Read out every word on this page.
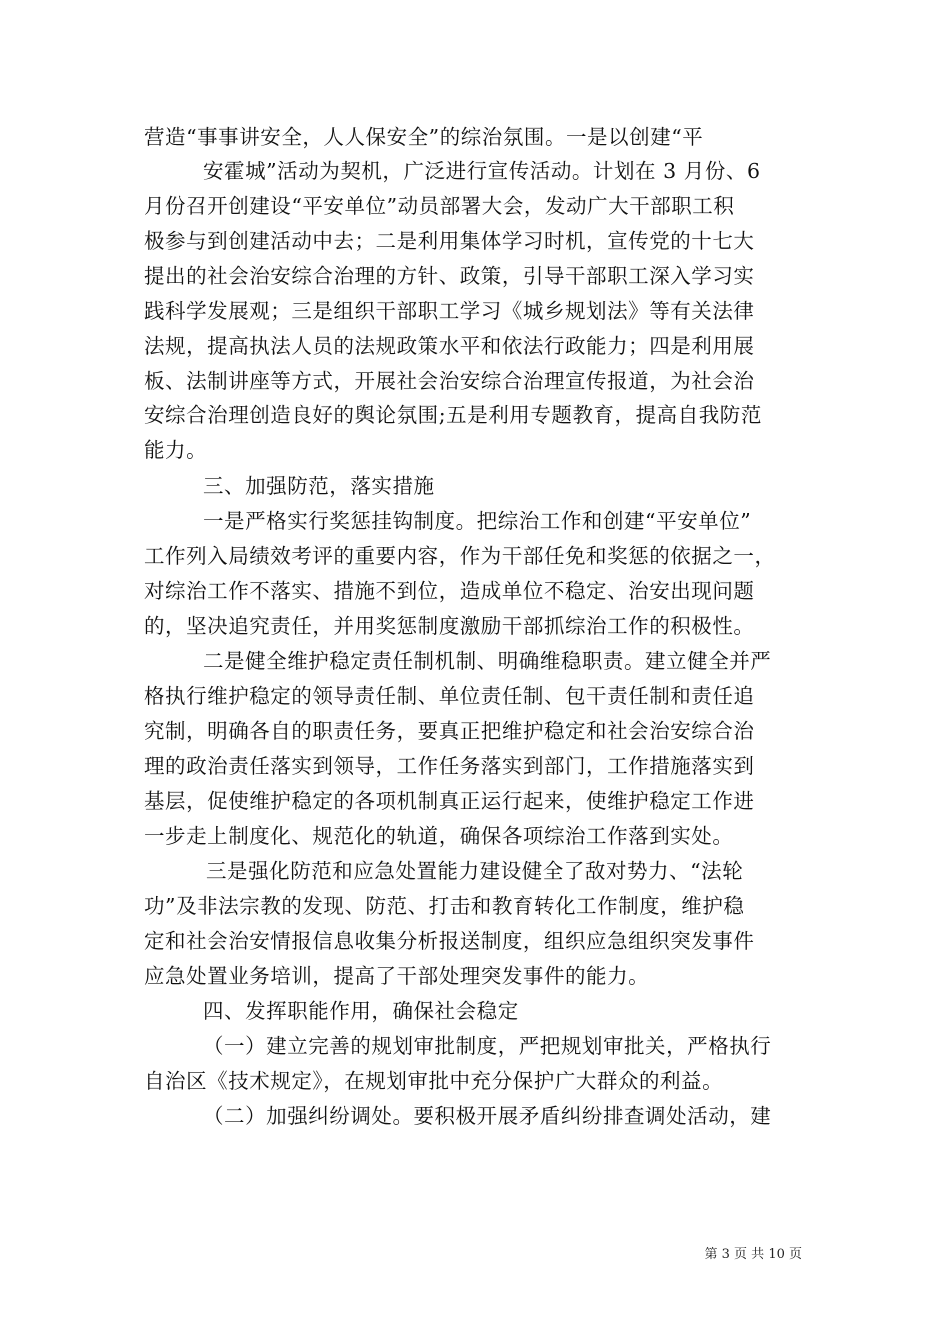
营造“事事讲安全，人人保安全”的综治氛围。一是以创建“平
安霍城”活动为契机，广泛进行宣传活动。计划在 3 月份、6
月份召开创建设“平安单位”动员部署大会，发动广大干部职工积
极参与到创建活动中去；二是利用集体学习时机，宣传党的十七大
提出的社会治安综合治理的方针、政策，引导干部职工深入学习实
践科学发展观；三是组织干部职工学习《城乡规划法》等有关法律
法规，提高执法人员的法规政策水平和依法行政能力；四是利用展
板、法制讲座等方式，开展社会治安综合治理宣传报道，为社会治
安综合治理创造良好的舆论氛围;五是利用专题教育，提高自我防范
能力。
三、加强防范，落实措施
一是严格实行奖惩挂钩制度。把综治工作和创建“平安单位”
工作列入局绩效考评的重要内容，作为干部任免和奖惩的依据之一，
对综治工作不落实、措施不到位，造成单位不稳定、治安出现问题
的，坚决追究责任，并用奖惩制度激励干部抓综治工作的积极性。
二是健全维护稳定责任制机制、明确维稳职责。建立健全并严
格执行维护稳定的领导责任制、单位责任制、包干责任制和责任追
究制，明确各自的职责任务，要真正把维护稳定和社会治安综合治
理的政治责任落实到领导，工作任务落实到部门，工作措施落实到
基层，促使维护稳定的各项机制真正运行起来，使维护稳定工作进
一步走上制度化、规范化的轨道，确保各项综治工作落到实处。
三是强化防范和应急处置能力建设健全了敌对势力、“法轮
功”及非法宗教的发现、防范、打击和教育转化工作制度，维护稳
定和社会治安情报信息收集分析报送制度，组织应急组织突发事件
应急处置业务培训，提高了干部处理突发事件的能力。
四、发挥职能作用，确保社会稳定
（一）建立完善的规划审批制度，严把规划审批关，严格执行
自治区《技术规定》，在规划审批中充分保护广大群众的利益。
（二）加强纠纷调处。要积极开展矛盾纠纷排查调处活动，建
第 3 页 共 10 页
